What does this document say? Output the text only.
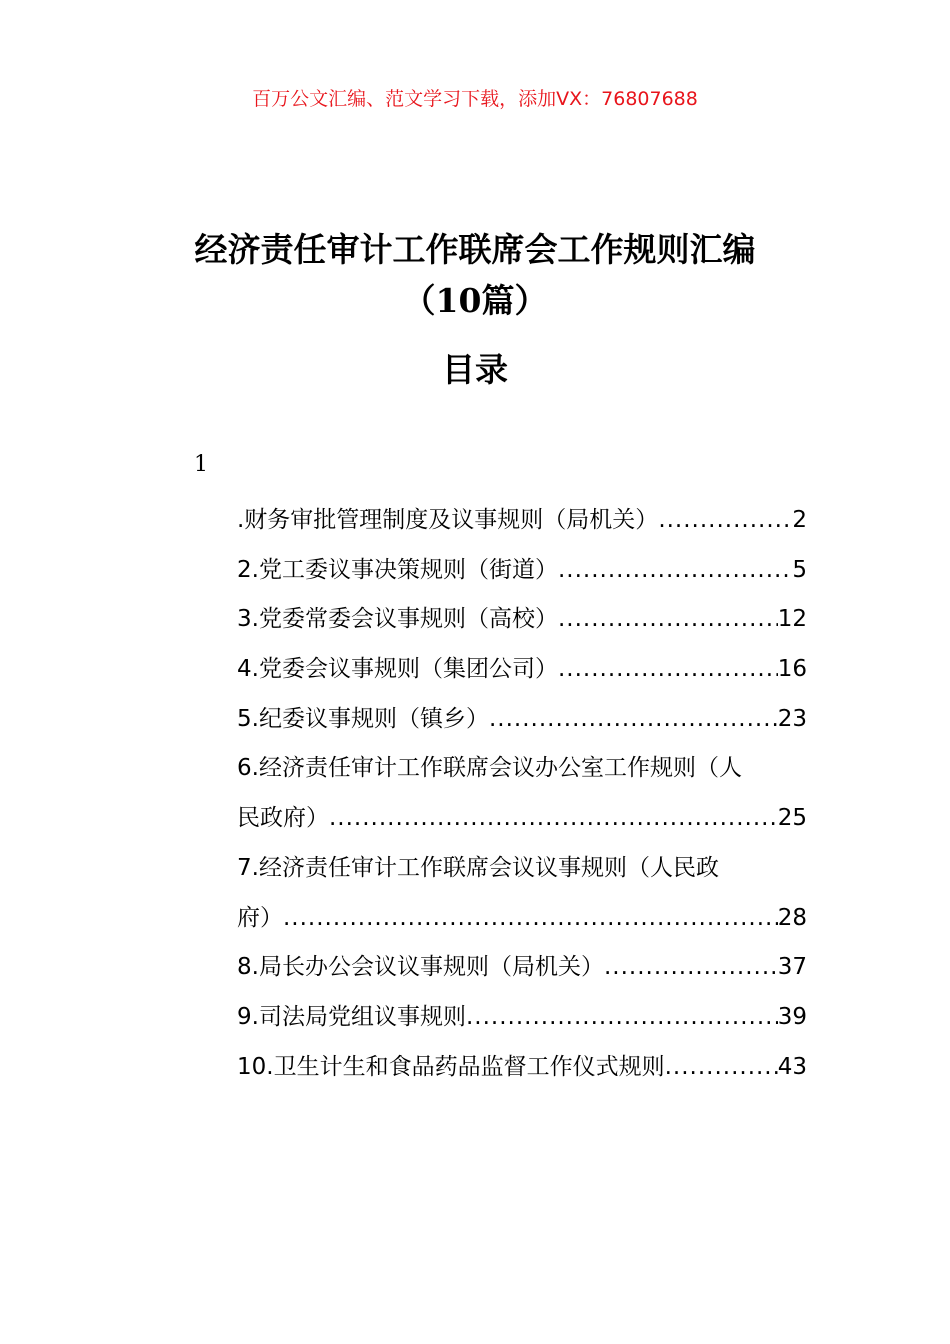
百万公文汇编、范文学习下载，添加VX：76807688
经济责任审计工作联席会工作规则汇编
（10篇）
目录
1
.财务审批管理制度及议事规则（局机关） .....	2
2.党工委议事决策规则（街道） .....	5
3.党委常委会议事规则（高校） .....	12
4.党委会议事规则（集团公司） .....	16
5.纪委议事规则（镇乡） .....	23
6.经济责任审计工作联席会议办公室工作规则（人
民政府） .....	25
7.经济责任审计工作联席会议议事规则（人民政
府） .....	28
8.局长办公会议议事规则（局机关） .....	37
9.司法局党组议事规则 .....	39
10.卫生计生和食品药品监督工作仪式规则 .....	43
